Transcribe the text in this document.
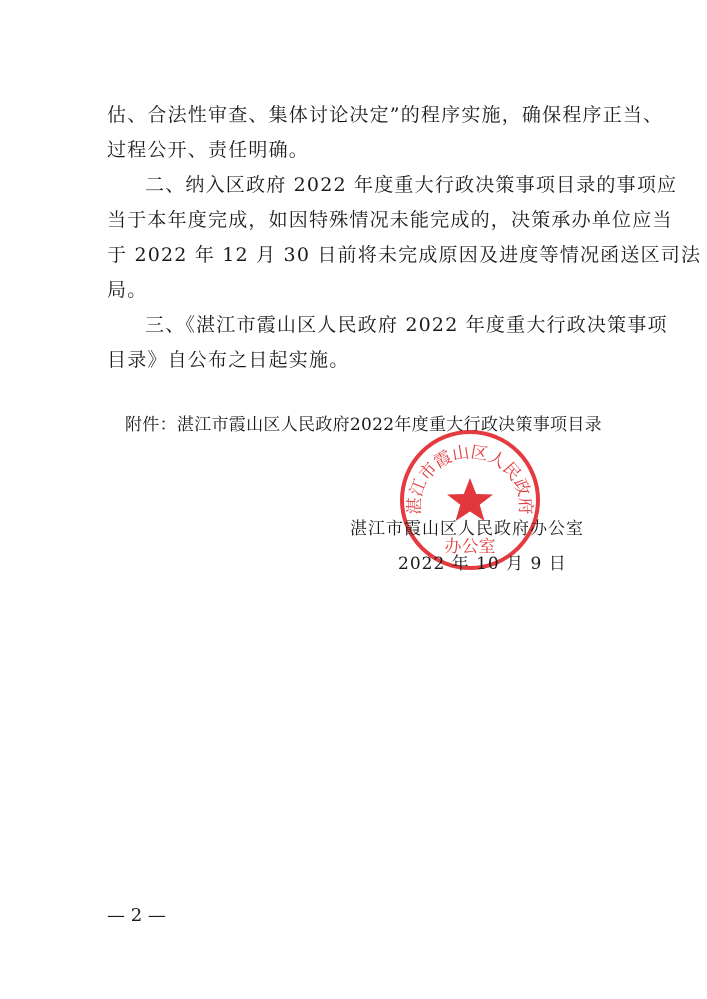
估、合法性审查、集体讨论决定”的程序实施，确保程序正当、
过程公开、责任明确。
二、纳入区政府 2022 年度重大行政决策事项目录的事项应
当于本年度完成，如因特殊情况未能完成的，决策承办单位应当
于 2022 年 12 月 30 日前将未完成原因及进度等情况函送区司法
局。
三、《湛江市霞山区人民政府 2022 年度重大行政决策事项
目录》自公布之日起实施。
附件：湛江市霞山区人民政府2022年度重大行政决策事项目录
湛江市霞山区人民政府
办公室
湛江市霞山区人民政府办公室
2022 年 10 月 9 日
— 2 —
